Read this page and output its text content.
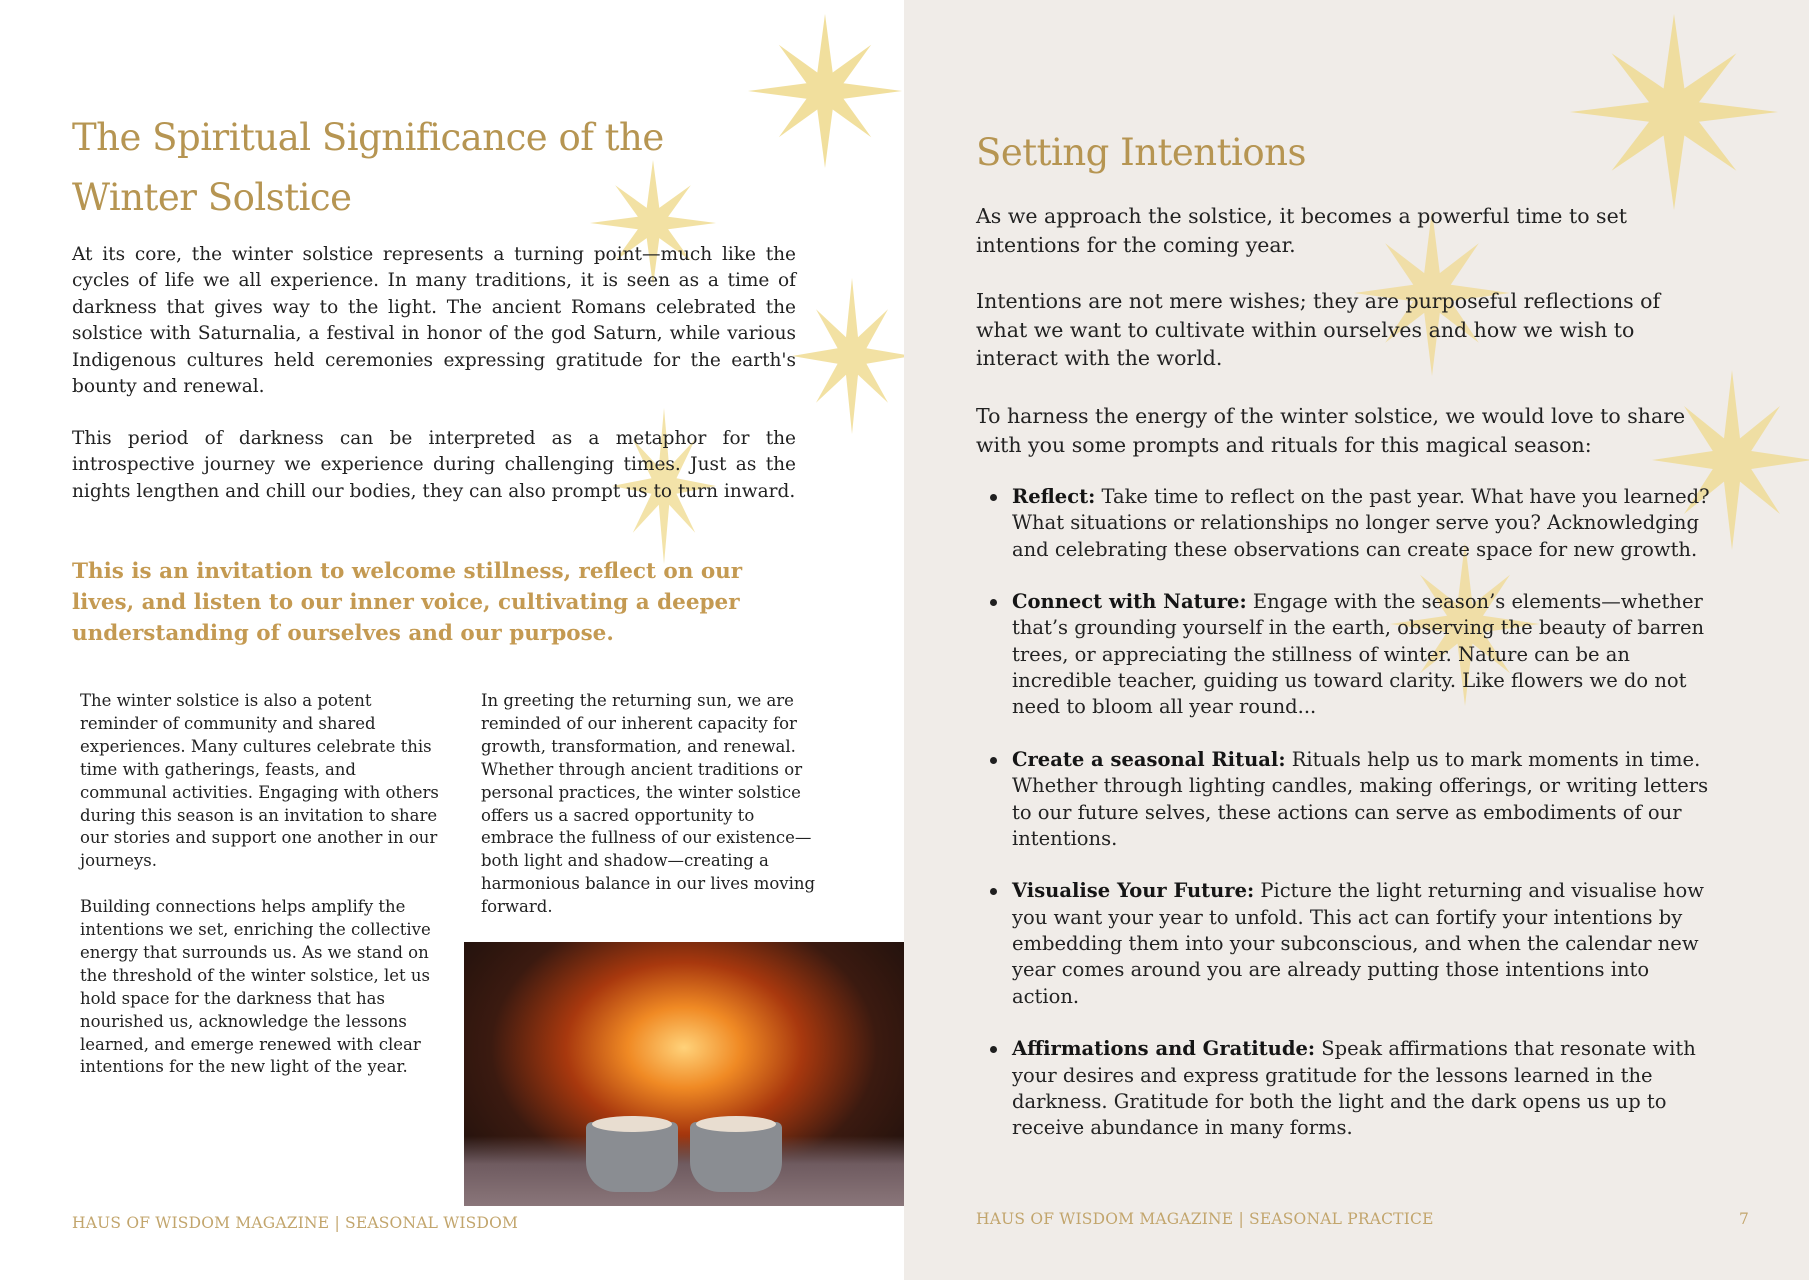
The Spiritual Significance of the Winter Solstice

At its core, the winter solstice represents a turning point—much like the cycles of life we all experience. In many traditions, it is seen as a time of darkness that gives way to the light. The ancient Romans celebrated the solstice with Saturnalia, a festival in honor of the god Saturn, while various Indigenous cultures held ceremonies expressing gratitude for the earth's bounty and renewal.

This period of darkness can be interpreted as a metaphor for the introspective journey we experience during challenging times. Just as the nights lengthen and chill our bodies, they can also prompt us to turn inward.

This is an invitation to welcome stillness, reflect on our lives, and listen to our inner voice, cultivating a deeper understanding of ourselves and our purpose.

The winter solstice is also a potent reminder of community and shared experiences. Many cultures celebrate this time with gatherings, feasts, and communal activities. Engaging with others during this season is an invitation to share our stories and support one another in our journeys.

Building connections helps amplify the intentions we set, enriching the collective energy that surrounds us. As we stand on the threshold of the winter solstice, let us hold space for the darkness that has nourished us, acknowledge the lessons learned, and emerge renewed with clear intentions for the new light of the year.

In greeting the returning sun, we are reminded of our inherent capacity for growth, transformation, and renewal. Whether through ancient traditions or personal practices, the winter solstice offers us a sacred opportunity to embrace the fullness of our existence—both light and shadow—creating a harmonious balance in our lives moving forward.

HAUS OF WISDOM MAGAZINE | SEASONAL WISDOM
Setting Intentions

As we approach the solstice, it becomes a powerful time to set intentions for the coming year.

Intentions are not mere wishes; they are purposeful reflections of what we want to cultivate within ourselves and how we wish to interact with the world.

To harness the energy of the winter solstice, we would love to share with you some prompts and rituals for this magical season:

Reflect: Take time to reflect on the past year. What have you learned? What situations or relationships no longer serve you? Acknowledging and celebrating these observations can create space for new growth.
Connect with Nature: Engage with the season’s elements—whether that’s grounding yourself in the earth, observing the beauty of barren trees, or appreciating the stillness of winter. Nature can be an incredible teacher, guiding us toward clarity. Like flowers we do not need to bloom all year round...
Create a seasonal Ritual: Rituals help us to mark moments in time. Whether through lighting candles, making offerings, or writing letters to our future selves, these actions can serve as embodiments of our intentions.
Visualise Your Future: Picture the light returning and visualise how you want your year to unfold. This act can fortify your intentions by embedding them into your subconscious, and when the calendar new year comes around you are already putting those intentions into action.
Affirmations and Gratitude: Speak affirmations that resonate with your desires and express gratitude for the lessons learned in the darkness. Gratitude for both the light and the dark opens us up to receive abundance in many forms.
HAUS OF WISDOM MAGAZINE | SEASONAL PRACTICE	7
